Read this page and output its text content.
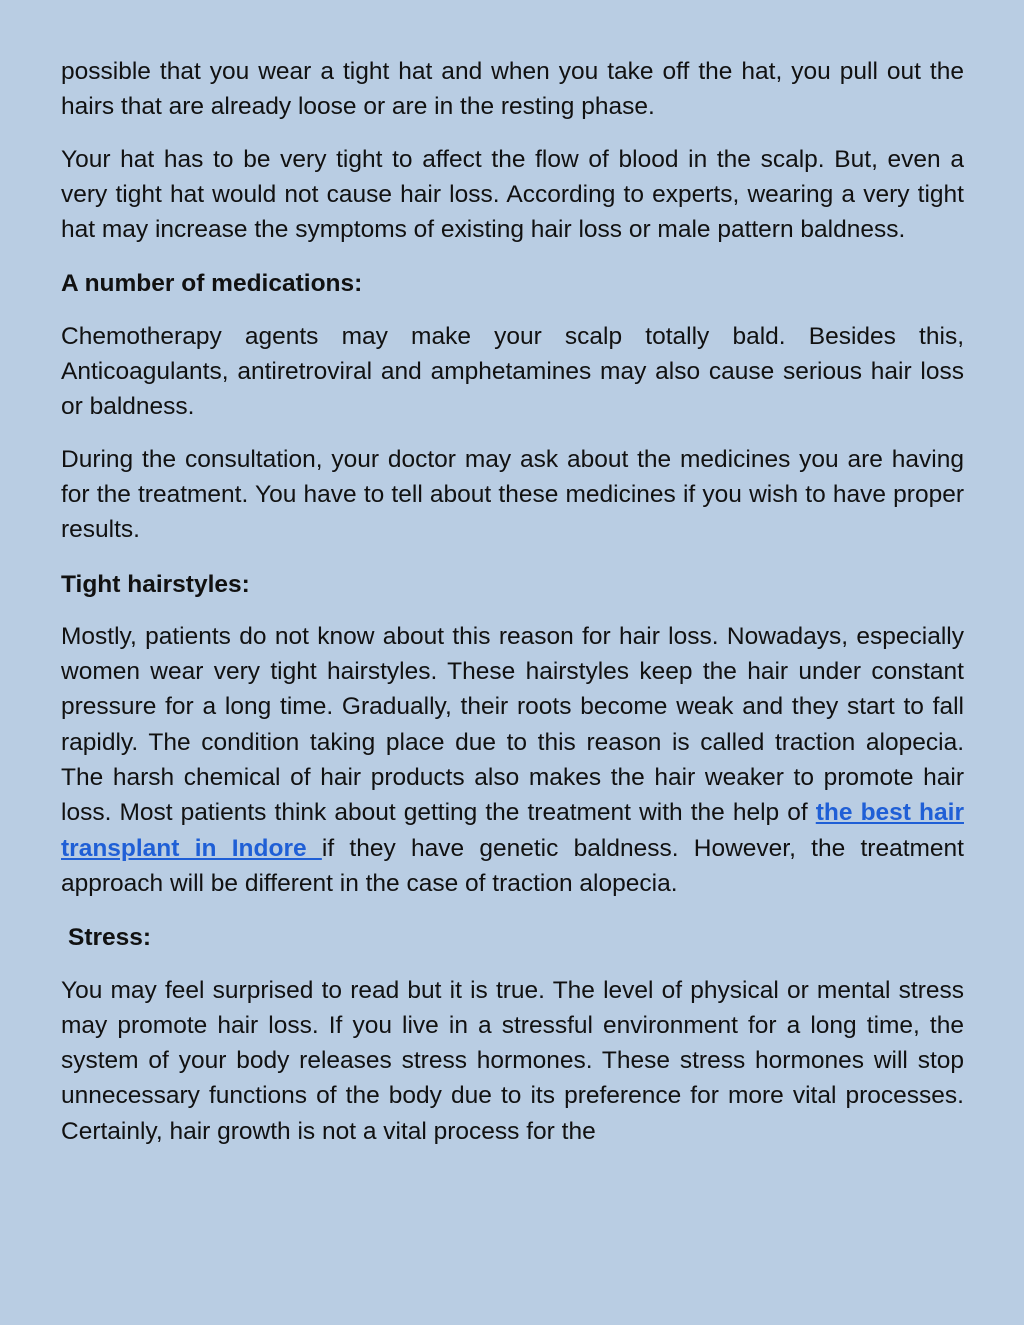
possible that you wear a tight hat and when you take off the hat, you pull out the hairs that are already loose or are in the resting phase.

Your hat has to be very tight to affect the flow of blood in the scalp. But, even a very tight hat would not cause hair loss. According to experts, wearing a very tight hat may increase the symptoms of existing hair loss or male pattern baldness.

A number of medications:

Chemotherapy agents may make your scalp totally bald. Besides this, Anticoagulants, antiretroviral and amphetamines may also cause serious hair loss or baldness.

During the consultation, your doctor may ask about the medicines you are having for the treatment. You have to tell about these medicines if you wish to have proper results.

Tight hairstyles:

Mostly, patients do not know about this reason for hair loss. Nowadays, especially women wear very tight hairstyles. These hairstyles keep the hair under constant pressure for a long time. Gradually, their roots become weak and they start to fall rapidly. The condition taking place due to this reason is called traction alopecia. The harsh chemical of hair products also makes the hair weaker to promote hair loss. Most patients think about getting the treatment with the help of the best hair transplant in Indore if they have genetic baldness. However, the treatment approach will be different in the case of traction alopecia.

Stress:

You may feel surprised to read but it is true. The level of physical or mental stress may promote hair loss. If you live in a stressful environment for a long time, the system of your body releases stress hormones. These stress hormones will stop unnecessary functions of the body due to its preference for more vital processes. Certainly, hair growth is not a vital process for the
